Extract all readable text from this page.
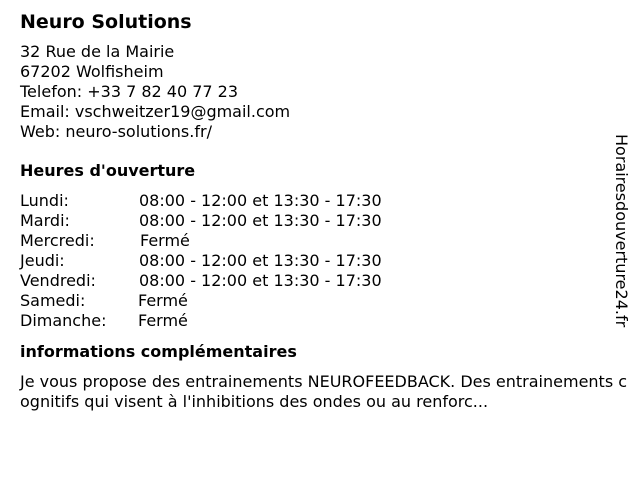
Neuro Solutions
32 Rue de la Mairie
67202 Wolfisheim
Telefon: +33 7 82 40 77 23
Email: vschweitzer19@gmail.com
Web: neuro-solutions.fr/
Heures d'ouverture
Lundi:	08:00 - 12:00 et 13:30 - 17:30
Mardi:	08:00 - 12:00 et 13:30 - 17:30
Mercredi:	Fermé
Jeudi:	08:00 - 12:00 et 13:30 - 17:30
Vendredi:	08:00 - 12:00 et 13:30 - 17:30
Samedi:	Fermé
Dimanche:	Fermé
informations complémentaires

Je vous propose des entrainements NEUROFEEDBACK. Des entrainements cognitifs qui visent à l'inhibitions des ondes ou au renforc...

Horairesdouverture24.fr
